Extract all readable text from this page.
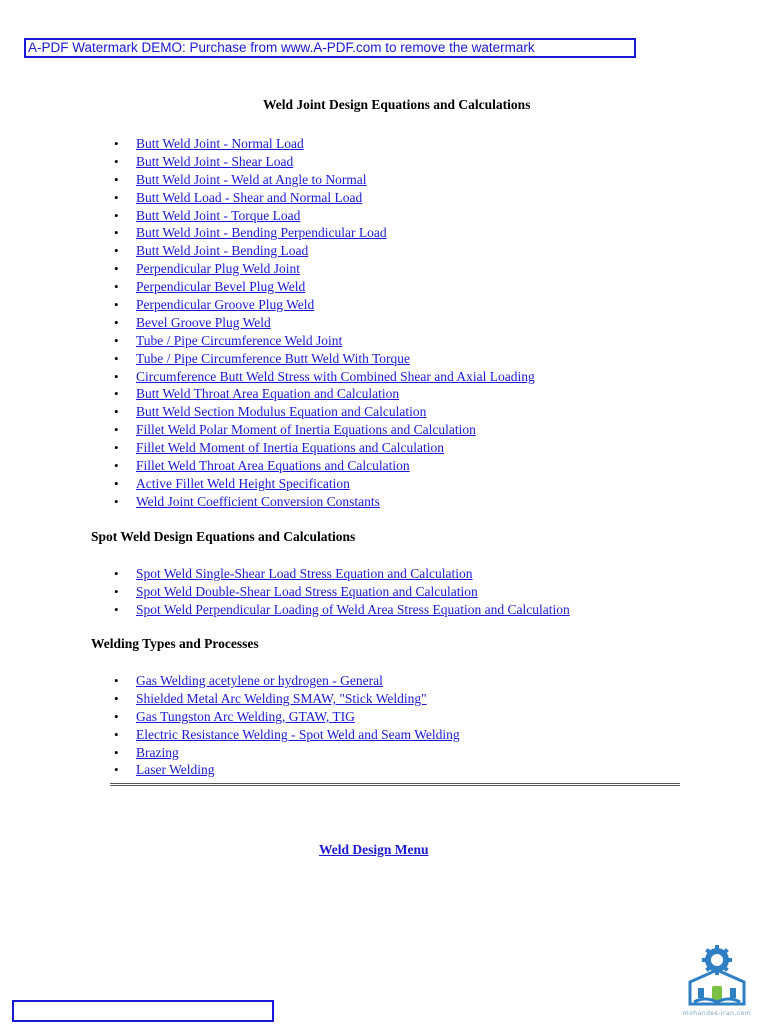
A-PDF Watermark DEMO: Purchase from www.A-PDF.com to remove the watermark
Weld Joint Design Equations and Calculations
• Butt Weld Joint - Normal Load
• Butt Weld Joint - Shear Load
• Butt Weld Joint - Weld at Angle to Normal
• Butt Weld Load - Shear and Normal Load
• Butt Weld Joint - Torque Load
• Butt Weld Joint - Bending Perpendicular Load
• Butt Weld Joint - Bending Load
• Perpendicular Plug Weld Joint
• Perpendicular Bevel Plug Weld
• Perpendicular Groove Plug Weld
• Bevel Groove Plug Weld
• Tube / Pipe Circumference Weld Joint
• Tube / Pipe Circumference Butt Weld With Torque
• Circumference Butt Weld Stress with Combined Shear and Axial Loading
• Butt Weld Throat Area Equation and Calculation
• Butt Weld Section Modulus Equation and Calculation
• Fillet Weld Polar Moment of Inertia Equations and Calculation
• Fillet Weld Moment of Inertia Equations and Calculation
• Fillet Weld Throat Area Equations and Calculation
• Active Fillet Weld Height Specification
• Weld Joint Coefficient Conversion Constants
Spot Weld Design Equations and Calculations
• Spot Weld Single-Shear Load Stress Equation and Calculation
• Spot Weld Double-Shear Load Stress Equation and Calculation
• Spot Weld Perpendicular Loading of Weld Area Stress Equation and Calculation
Welding Types and Processes
• Gas Welding acetylene or hydrogen - General
• Shielded Metal Arc Welding SMAW, "Stick Welding"
• Gas Tungston Arc Welding, GTAW, TIG
• Electric Resistance Welding - Spot Weld and Seam Welding
• Brazing
• Laser Welding
Weld Design Menu
mohandes-iran.com
